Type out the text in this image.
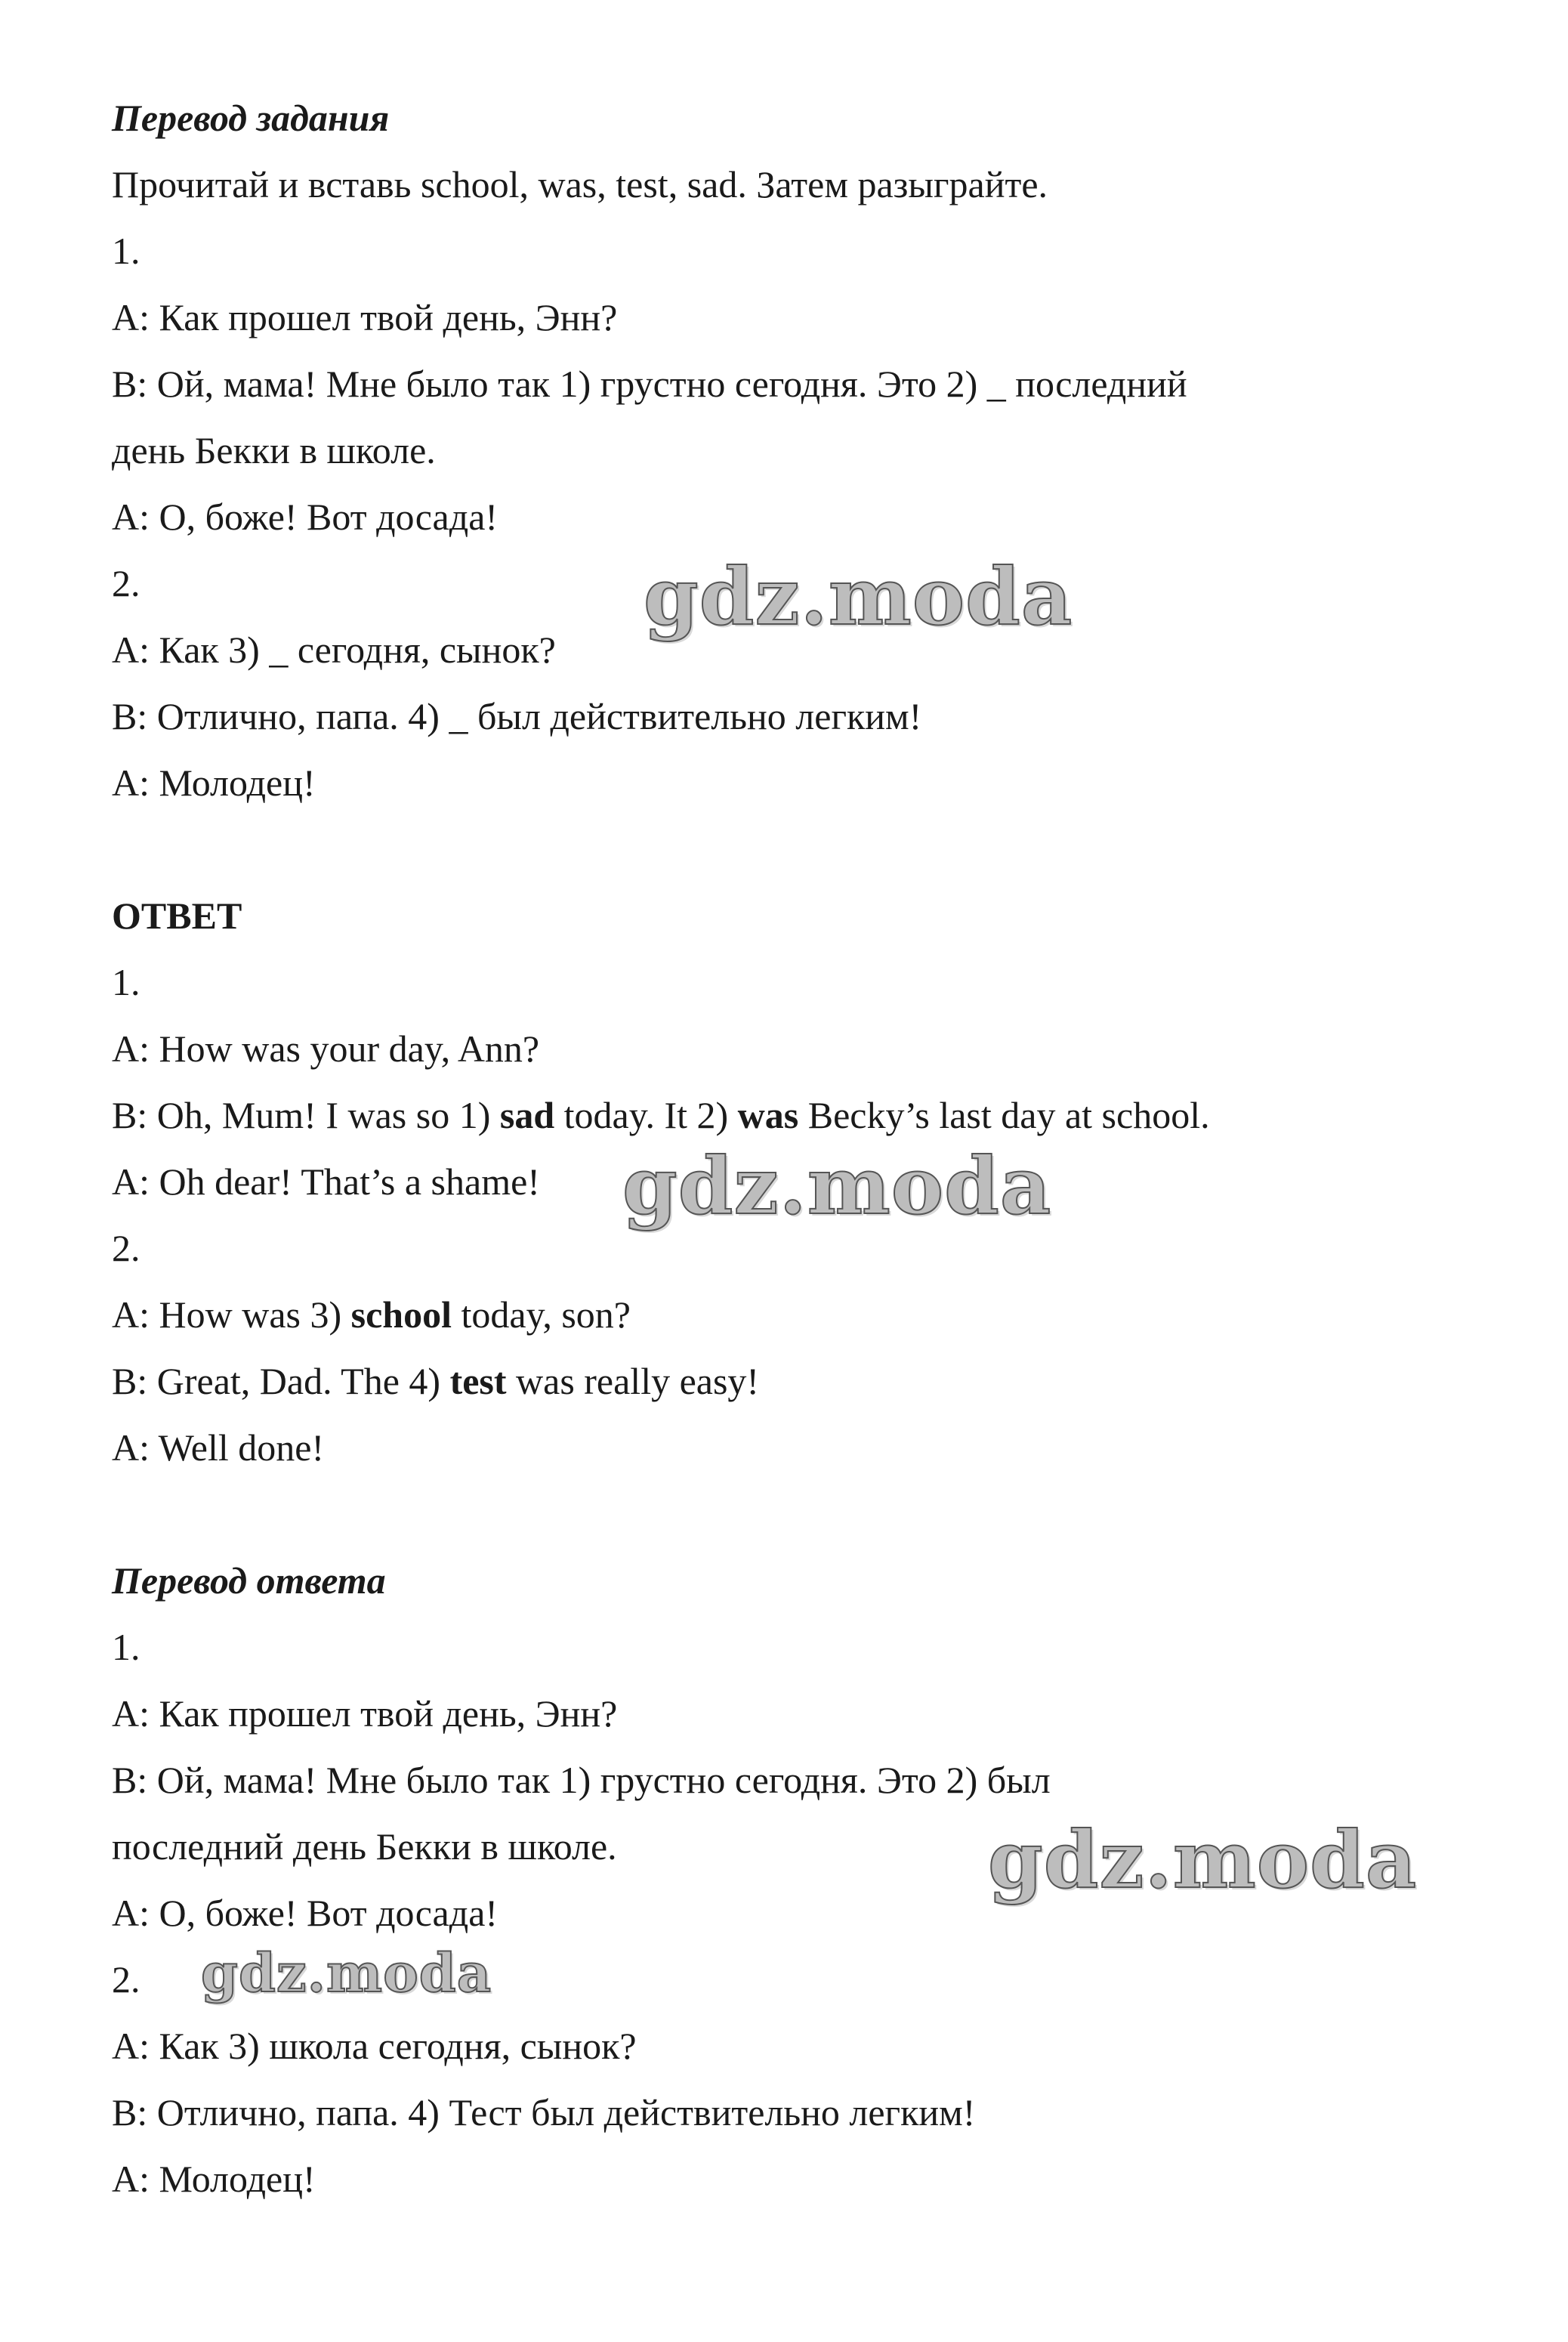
Перевод задания
Прочитай и вставь school, was, test, sad. Затем разыграйте.
1.
A: Как прошел твой день, Энн?
B: Ой, мама! Мне было так 1) грустно сегодня. Это 2) _ последний
день Бекки в школе.
A: О, боже! Вот досада!
2.
A: Как 3) _ сегодня, сынок?
B: Отлично, папа. 4) _ был действительно легким!
A: Молодец!
ОТВЕТ
1.
A: How was your day, Ann?
B: Oh, Mum! I was so 1) sad today. It 2) was Becky’s last day at school.
A: Oh dear! That’s a shame!
2.
A: How was 3) school today, son?
B: Great, Dad. The 4) test was really easy!
A: Well done!
Перевод ответа
1.
A: Как прошел твой день, Энн?
B: Ой, мама! Мне было так 1) грустно сегодня. Это 2) был
последний день Бекки в школе.
A: О, боже! Вот досада!
2.
A: Как 3) школа сегодня, сынок?
B: Отлично, папа. 4) Тест был действительно легким!
A: Молодец!
gdz.moda
gdz.moda
gdz.moda
gdz.moda
